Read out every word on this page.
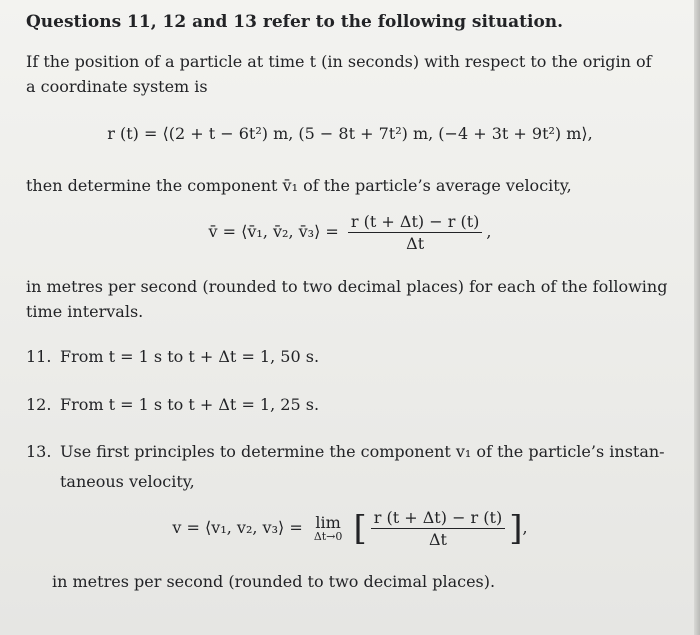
Questions 11, 12 and 13 refer to the following situation.
If the position of a particle at time t (in seconds) with respect to the origin of
a coordinate system is
r (t) = ⟨(2 + t − 6t²) m, (5 − 8t + 7t²) m, (−4 + 3t + 9t²) m⟩,
then determine the component v̄₁ of the particle’s average velocity,
v̄ = ⟨v̄₁, v̄₂, v̄₃⟩ = $\frac{r (t + \Delta t) - r (t)}{\Delta t}$ ,
in metres per second (rounded to two decimal places) for each of the following
time intervals.
11. From t = 1 s to t + Δt = 1, 50 s.
12. From t = 1 s to t + Δt = 1, 25 s.
13. Use first principles to determine the component v₁ of the particle’s instan-
taneous velocity,
v = ⟨v₁, v₂, v₃⟩ = lim
Δt→0 [ $\frac{r (t + \Delta t) - r (t)}{\Delta t}$ ],
in metres per second (rounded to two decimal places).
